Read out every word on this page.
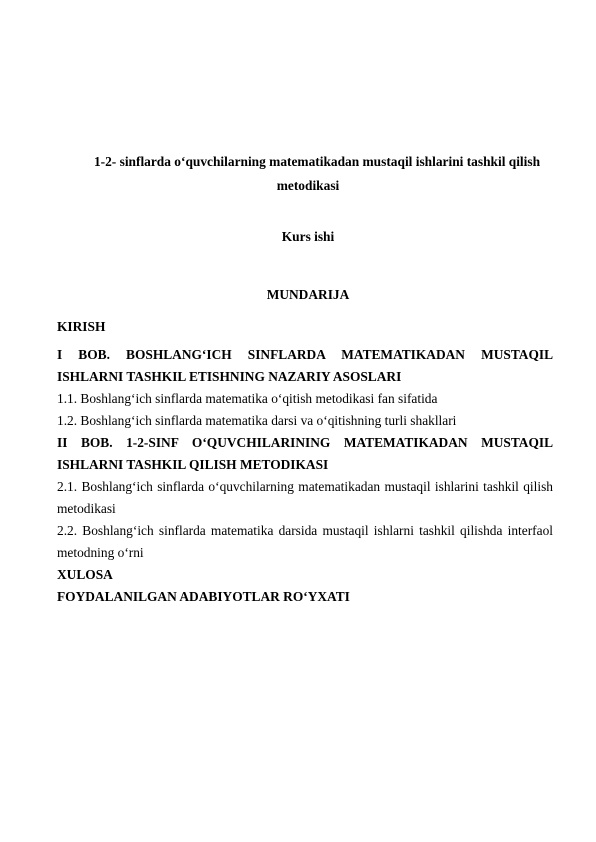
1-2- sinflarda o‘quvchilarning matematikadan mustaqil ishlarini tashkil qilish
metodikasi
Kurs ishi
MUNDARIJA

KIRISH

I BOB. BOSHLANG‘ICH SINFLARDA MATEMATIKADAN MUSTAQIL ISHLARNI TASHKIL ETISHNING NAZARIY ASOSLARI

1.1. Boshlang‘ich sinflarda matematika o‘qitish metodikasi fan sifatida

1.2. Boshlang‘ich sinflarda matematika darsi va o‘qitishning turli shakllari

II BOB. 1-2-SINF O‘QUVCHILARINING MATEMATIKADAN MUSTAQIL ISHLARNI TASHKIL QILISH METODIKASI

2.1. Boshlang‘ich sinflarda o‘quvchilarning matematikadan mustaqil ishlarini tashkil qilish metodikasi

2.2. Boshlang‘ich sinflarda matematika darsida mustaqil ishlarni tashkil qilishda interfaol metodning o‘rni

XULOSA

FOYDALANILGAN ADABIYOTLAR RO‘YXATI
